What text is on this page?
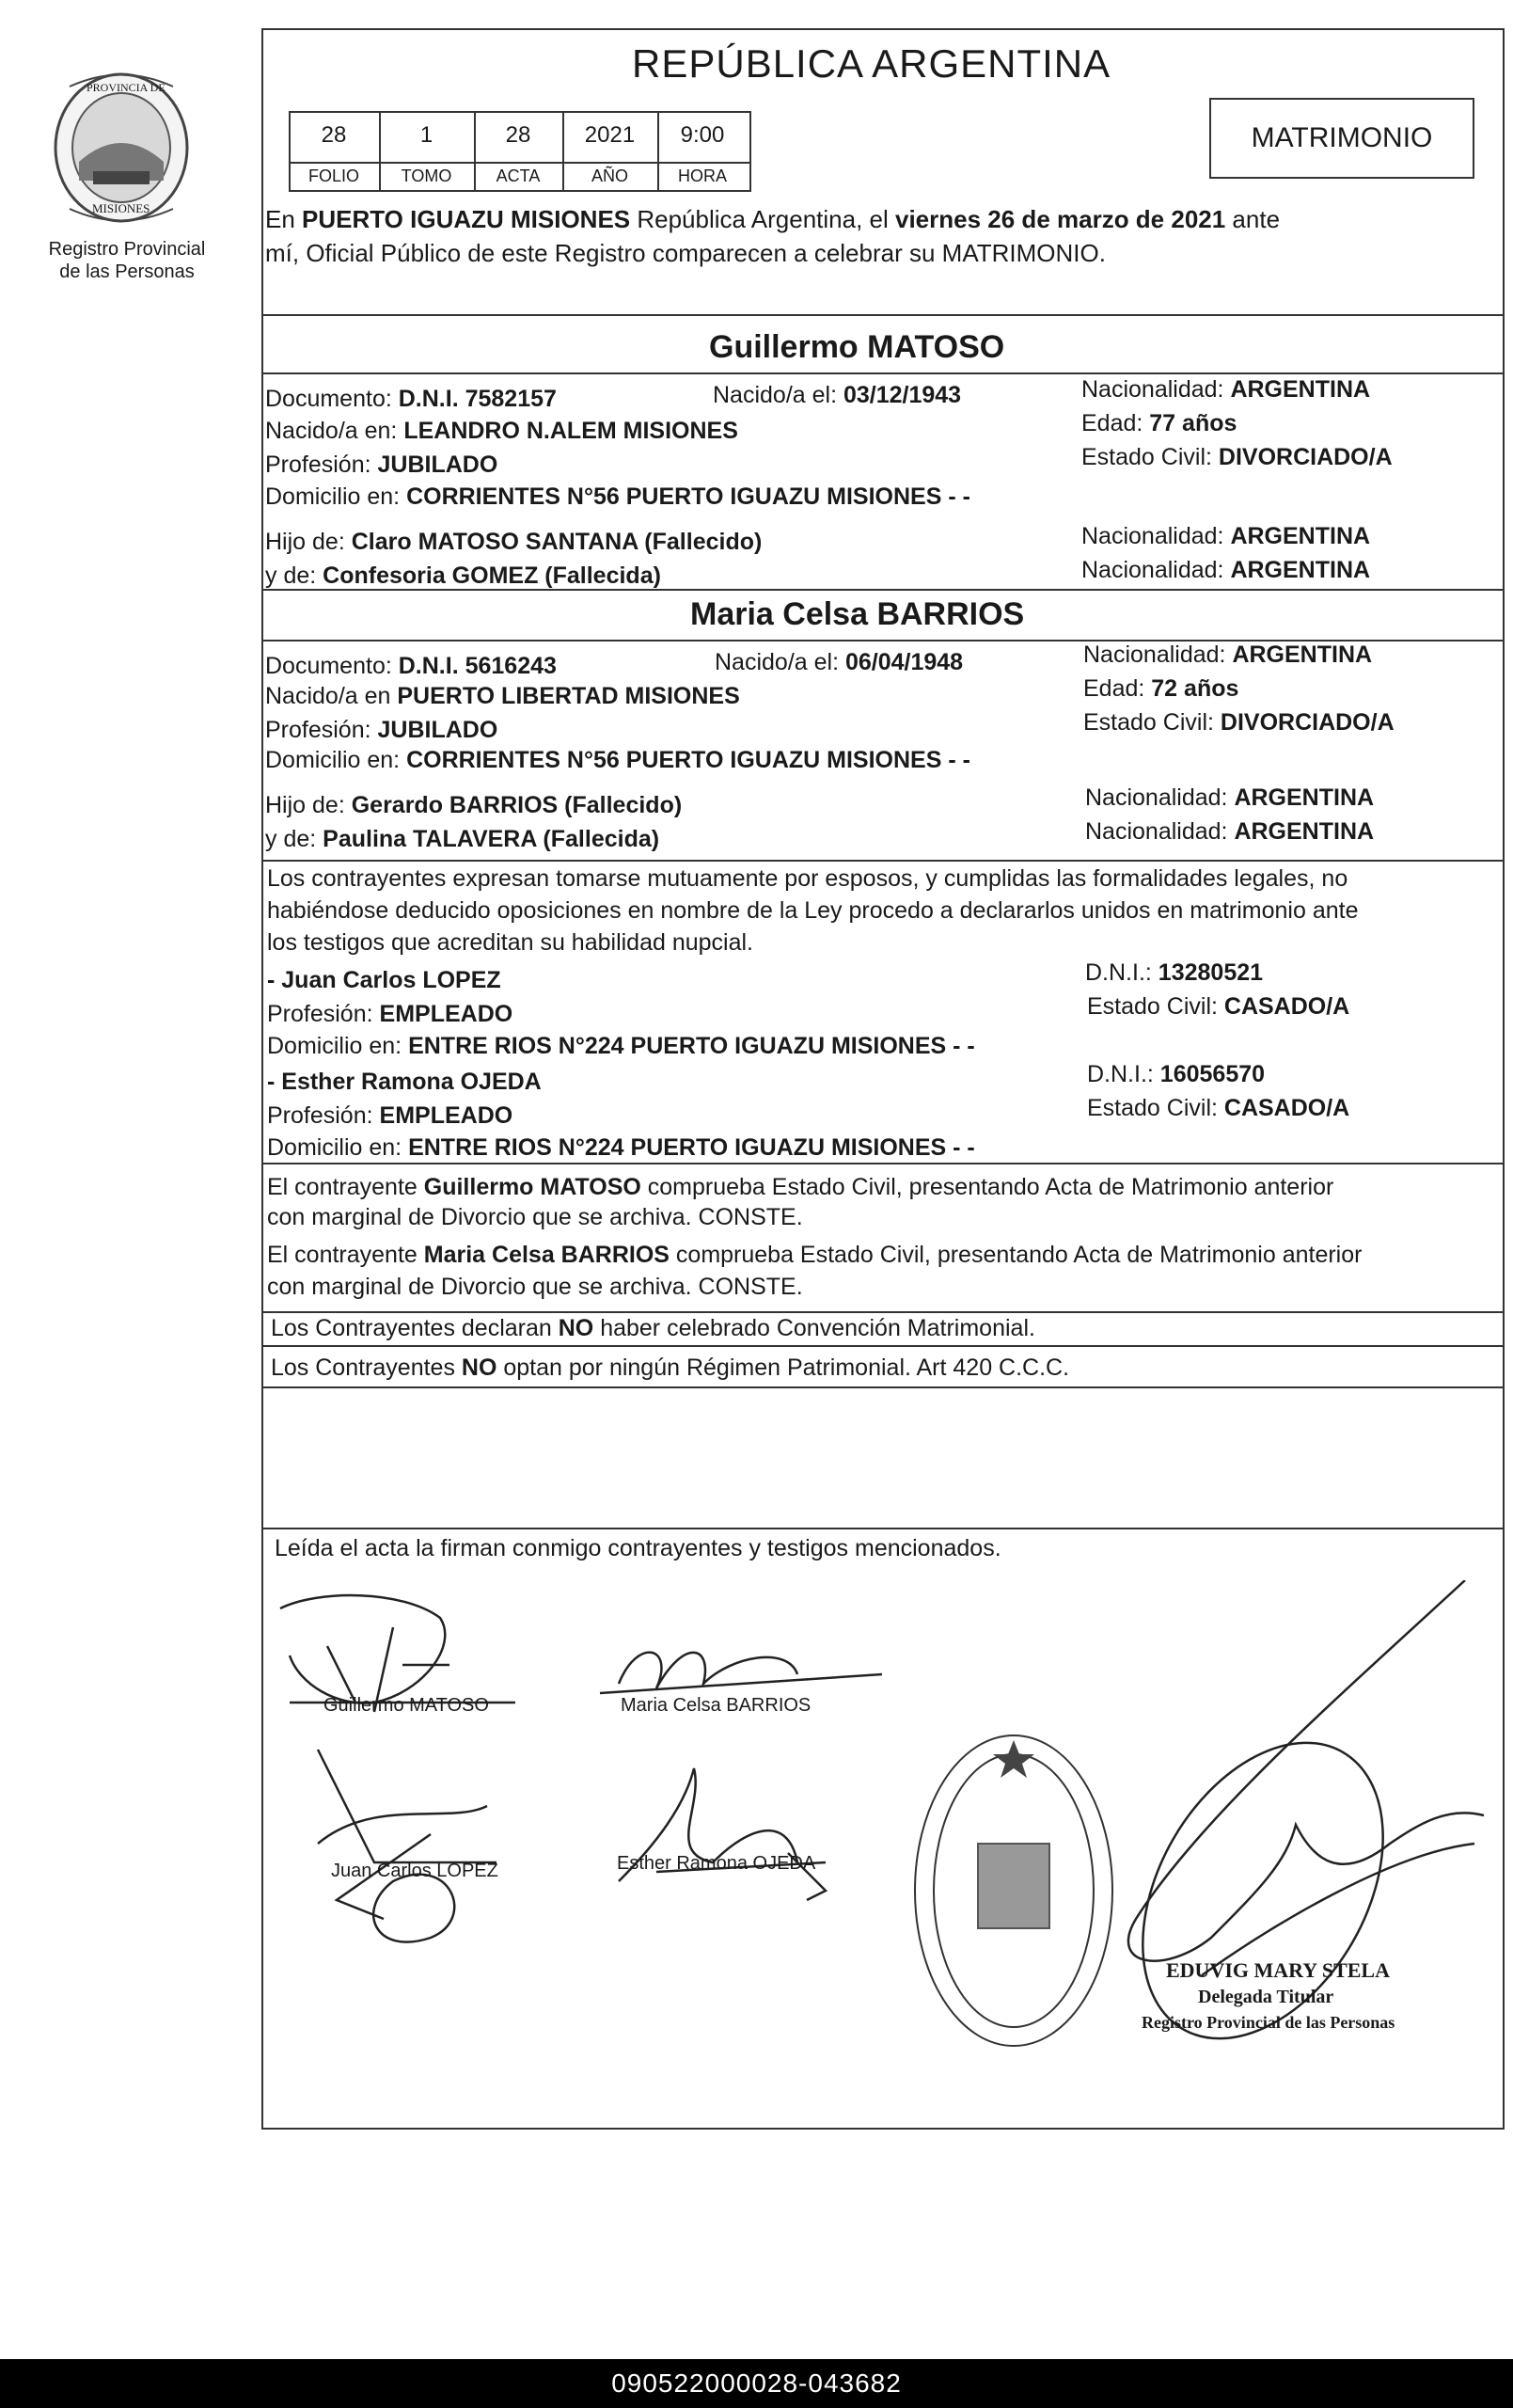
PROVINCIA DE
MISIONES
Registro Provincial
de las Personas
REPÚBLICA ARGENTINA
28	1	28	2021	9:00
FOLIO	TOMO	ACTA	AÑO	HORA
MATRIMONIO
En PUERTO IGUAZU MISIONES República Argentina, el viernes 26 de marzo de 2021 ante
mí, Oficial Público de este Registro comparecen a celebrar su MATRIMONIO.
Guillermo MATOSO
Documento: D.N.I. 7582157	Nacido/a el: 03/12/1943	Nacionalidad: ARGENTINA
Nacido/a en: LEANDRO N.ALEM MISIONES	Edad: 77 años
Profesión: JUBILADO	Estado Civil: DIVORCIADO/A
Domicilio en: CORRIENTES N°56 PUERTO IGUAZU MISIONES - -
Hijo de: Claro MATOSO SANTANA (Fallecido)	Nacionalidad: ARGENTINA
y de: Confesoria GOMEZ (Fallecida)	Nacionalidad: ARGENTINA
Maria Celsa BARRIOS
Documento: D.N.I. 5616243	Nacido/a el: 06/04/1948	Nacionalidad: ARGENTINA
Nacido/a en PUERTO LIBERTAD MISIONES	Edad: 72 años
Profesión: JUBILADO	Estado Civil: DIVORCIADO/A
Domicilio en: CORRIENTES N°56 PUERTO IGUAZU MISIONES - -
Hijo de: Gerardo BARRIOS (Fallecido)	Nacionalidad: ARGENTINA
y de: Paulina TALAVERA (Fallecida)	Nacionalidad: ARGENTINA
Los contrayentes expresan tomarse mutuamente por esposos, y cumplidas las formalidades legales, no
habiéndose deducido oposiciones en nombre de la Ley procedo a declararlos unidos en matrimonio ante
los testigos que acreditan su habilidad nupcial.
- Juan Carlos LOPEZ	D.N.I.: 13280521
Profesión: EMPLEADO	Estado Civil: CASADO/A
Domicilio en: ENTRE RIOS N°224 PUERTO IGUAZU MISIONES - -
- Esther Ramona OJEDA	D.N.I.: 16056570
Profesión: EMPLEADO	Estado Civil: CASADO/A
Domicilio en: ENTRE RIOS N°224 PUERTO IGUAZU MISIONES - -
El contrayente Guillermo MATOSO comprueba Estado Civil, presentando Acta de Matrimonio anterior
con marginal de Divorcio que se archiva. CONSTE.
El contrayente Maria Celsa BARRIOS comprueba Estado Civil, presentando Acta de Matrimonio anterior
con marginal de Divorcio que se archiva. CONSTE.
Los Contrayentes declaran NO haber celebrado Convención Matrimonial.
Los Contrayentes NO optan por ningún Régimen Patrimonial. Art 420 C.C.C.
Leída el acta la firman conmigo contrayentes y testigos mencionados.
Guillermo MATOSO	Maria Celsa BARRIOS
Juan Carlos LOPEZ	Esther Ramona OJEDA
EDUVIG MARY STELA
Delegada Titular
Registro Provincial de las Personas
090522000028-043682
